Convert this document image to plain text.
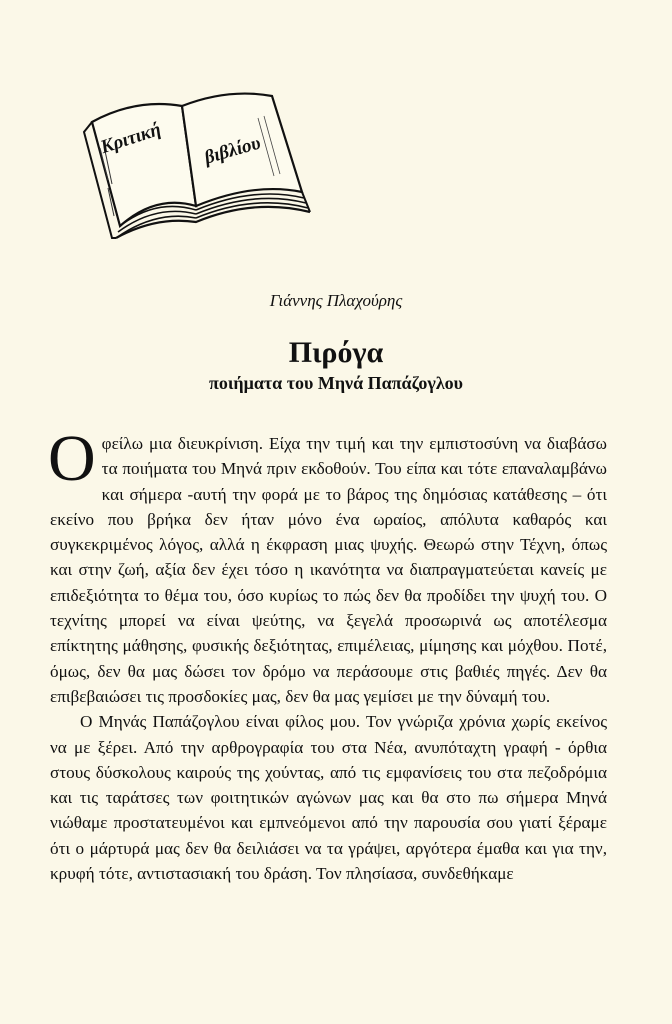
Κριτική βιβλίου
Γιάννης Πλαχούρης
Πιρόγα
ποιήματα του Μηνά Παπάζογλου

Οφείλω μια διευκρίνιση. Είχα την τιμή και την εμπιστοσύνη να διαβάσω τα ποιήματα του Μηνά πριν εκδοθούν. Του είπα και τότε επαναλαμβάνω και σήμερα -αυτή την φορά με το βάρος της δημόσιας κατάθεσης – ότι εκείνο που βρήκα δεν ήταν μόνο ένα ωραίος, απόλυτα καθαρός και συγκεκριμένος λόγος, αλλά η έκφραση μιας ψυχής. Θεωρώ στην Τέχνη, όπως και στην ζωή, αξία δεν έχει τόσο η ικανότητα να διαπραγματεύεται κανείς με επιδεξιότητα το θέμα του, όσο κυρίως το πώς δεν θα προδίδει την ψυχή του. Ο τεχνίτης μπορεί να είναι ψεύτης, να ξεγελά προσωρινά ως αποτέλεσμα επίκτητης μάθησης, φυσικής δεξιότητας, επιμέλειας, μίμησης και μόχθου. Ποτέ, όμως, δεν θα μας δώσει τον δρόμο να περάσουμε στις βαθιές πηγές. Δεν θα επιβεβαιώσει τις προσδοκίες μας, δεν θα μας γεμίσει με την δύναμή του.

Ο Μηνάς Παπάζογλου είναι φίλος μου. Τον γνώριζα χρόνια χωρίς εκείνος να με ξέρει. Από την αρθρογραφία του στα Νέα, ανυπόταχτη γραφή - όρθια στους δύσκολους καιρούς της χούντας, από τις εμφανίσεις του στα πεζοδρόμια και τις ταράτσες των φοιτητικών αγώνων μας και θα στο πω σήμερα Μηνά νιώθαμε προστατευμένοι και εμπνεόμενοι από την παρουσία σου γιατί ξέραμε ότι ο μάρτυρά μας δεν θα δειλιάσει να τα γράψει, αργότερα έμαθα και για την, κρυφή τότε, αντιστασιακή του δράση. Τον πλησίασα, συνδεθήκαμε
